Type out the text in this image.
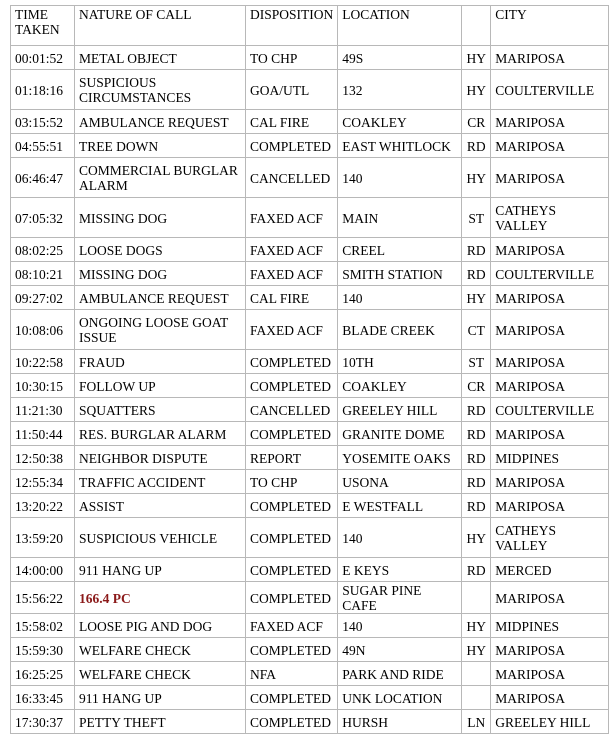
TIME TAKEN	NATURE OF CALL	DISPOSITION	LOCATION		CITY
00:01:52	METAL OBJECT	TO CHP	49S	HY	MARIPOSA
01:18:16	SUSPICIOUS CIRCUMSTANCES	GOA/UTL	132	HY	COULTERVILLE
03:15:52	AMBULANCE REQUEST	CAL FIRE	COAKLEY	CR	MARIPOSA
04:55:51	TREE DOWN	COMPLETED	EAST WHITLOCK	RD	MARIPOSA
06:46:47	COMMERCIAL BURGLAR ALARM	CANCELLED	140	HY	MARIPOSA
07:05:32	MISSING DOG	FAXED ACF	MAIN	ST	CATHEYS VALLEY
08:02:25	LOOSE DOGS	FAXED ACF	CREEL	RD	MARIPOSA
08:10:21	MISSING DOG	FAXED ACF	SMITH STATION	RD	COULTERVILLE
09:27:02	AMBULANCE REQUEST	CAL FIRE	140	HY	MARIPOSA
10:08:06	ONGOING LOOSE GOAT ISSUE	FAXED ACF	BLADE CREEK	CT	MARIPOSA
10:22:58	FRAUD	COMPLETED	10TH	ST	MARIPOSA
10:30:15	FOLLOW UP	COMPLETED	COAKLEY	CR	MARIPOSA
11:21:30	SQUATTERS	CANCELLED	GREELEY HILL	RD	COULTERVILLE
11:50:44	RES. BURGLAR ALARM	COMPLETED	GRANITE DOME	RD	MARIPOSA
12:50:38	NEIGHBOR DISPUTE	REPORT	YOSEMITE OAKS	RD	MIDPINES
12:55:34	TRAFFIC ACCIDENT	TO CHP	USONA	RD	MARIPOSA
13:20:22	ASSIST	COMPLETED	E WESTFALL	RD	MARIPOSA
13:59:20	SUSPICIOUS VEHICLE	COMPLETED	140	HY	CATHEYS VALLEY
14:00:00	911 HANG UP	COMPLETED	E KEYS	RD	MERCED
15:56:22	166.4 PC	COMPLETED	SUGAR PINE CAFE		MARIPOSA
15:58:02	LOOSE PIG AND DOG	FAXED ACF	140	HY	MIDPINES
15:59:30	WELFARE CHECK	COMPLETED	49N	HY	MARIPOSA
16:25:25	WELFARE CHECK	NFA	PARK AND RIDE		MARIPOSA
16:33:45	911 HANG UP	COMPLETED	UNK LOCATION		MARIPOSA
17:30:37	PETTY THEFT	COMPLETED	HURSH	LN	GREELEY HILL
